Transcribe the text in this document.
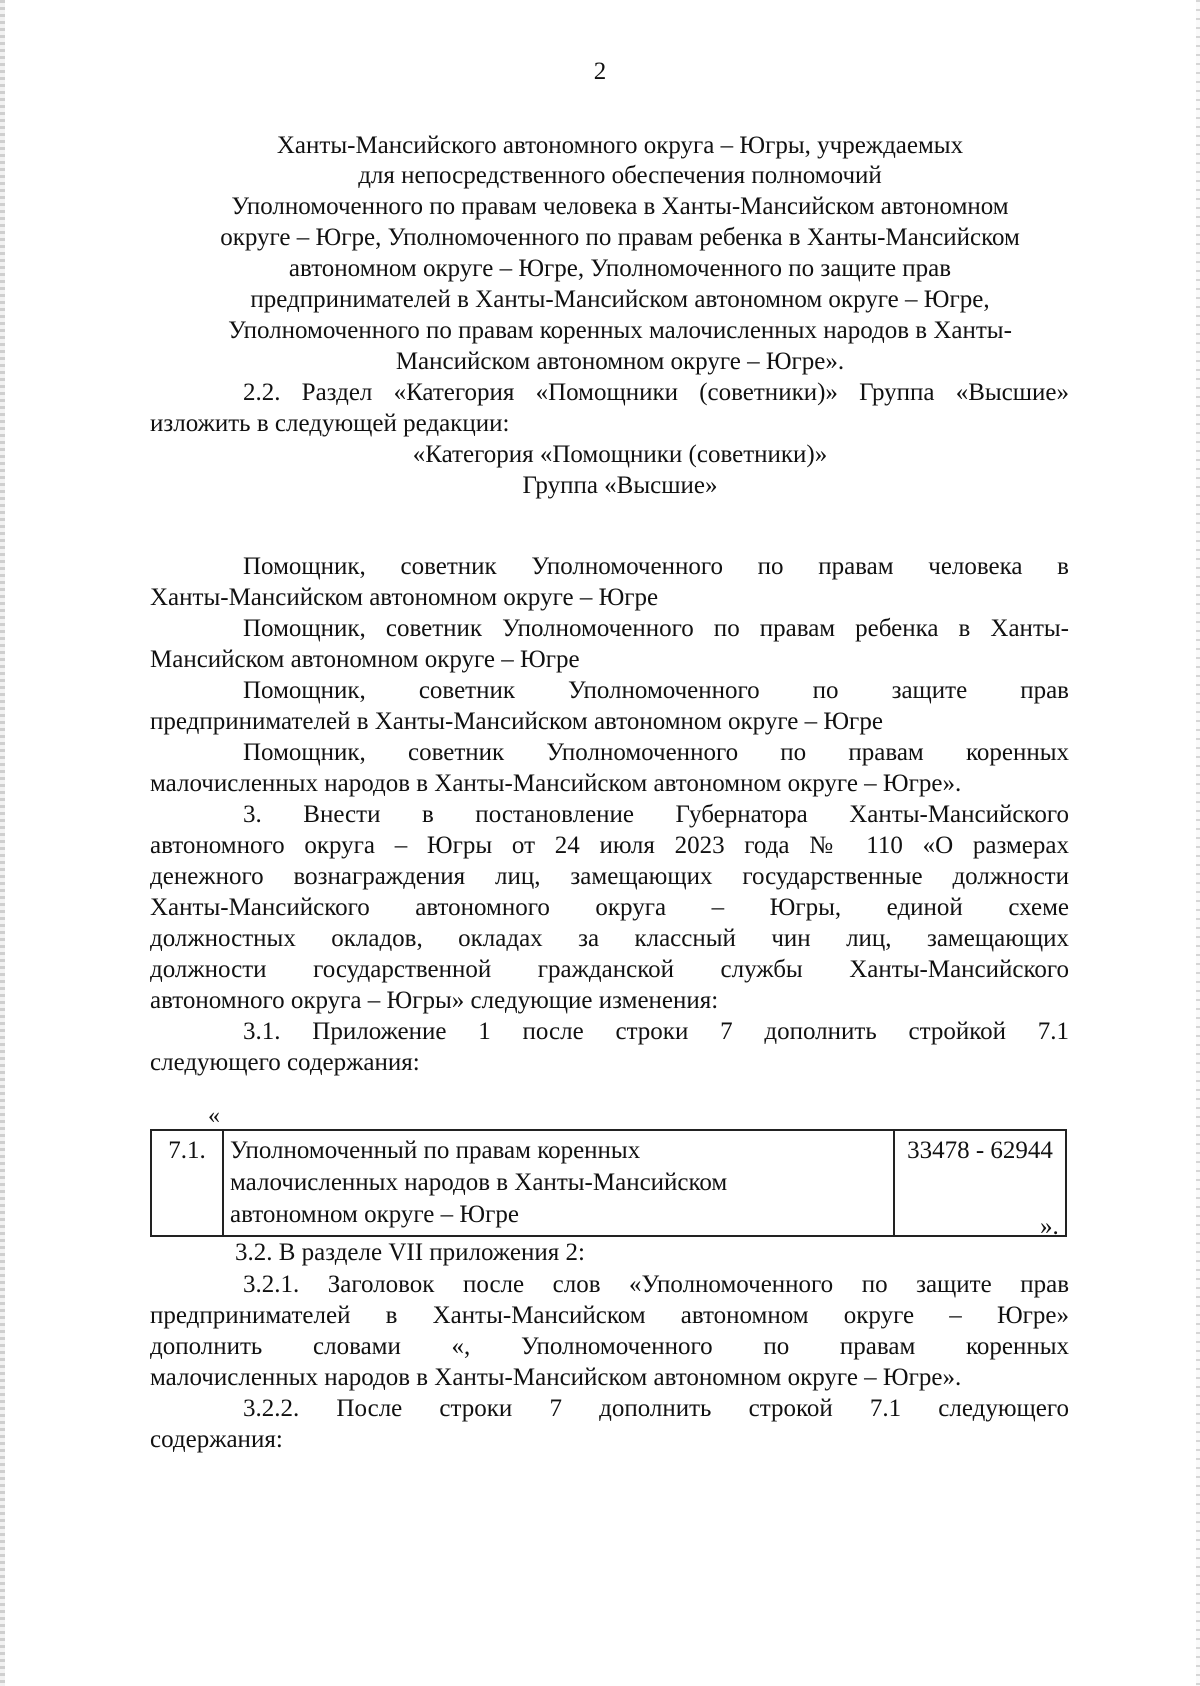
2
Ханты-Мансийского автономного округа – Югры, учреждаемых
для непосредственного обеспечения полномочий
Уполномоченного по правам человека в Ханты-Мансийском автономном
округе – Югре, Уполномоченного по правам ребенка в Ханты-Мансийском
автономном округе – Югре, Уполномоченного по защите прав
предпринимателей в Ханты-Мансийском автономном округе – Югре,
Уполномоченного по правам коренных малочисленных народов в Ханты-
Мансийском автономном округе – Югре».
2.2. Раздел «Категория «Помощники (советники)» Группа «Высшие»
изложить в следующей редакции:
«Категория «Помощники (советники)»
Группа «Высшие»
Помощник, советник Уполномоченного по правам человека в
Ханты-Мансийском автономном округе – Югре
Помощник, советник Уполномоченного по правам ребенка в Ханты-
Мансийском автономном округе – Югре
Помощник, советник Уполномоченного по защите прав
предпринимателей в Ханты-Мансийском автономном округе – Югре
Помощник, советник Уполномоченного по правам коренных
малочисленных народов в Ханты-Мансийском автономном округе – Югре».
3. Внести в постановление Губернатора Ханты-Мансийского
автономного округа – Югры от 24 июля 2023 года № 110 «О размерах
денежного вознаграждения лиц, замещающих государственные должности
Ханты-Мансийского автономного округа – Югры, единой схеме
должностных окладов, окладах за классный чин лиц, замещающих
должности государственной гражданской службы Ханты-Мансийского
автономного округа – Югры» следующие изменения:
3.1. Приложение 1 после строки 7 дополнить стройкой 7.1
следующего содержания:
«
7.1.	Уполномоченный по правам коренных
малочисленных народов в Ханты-Мансийском
автономном округе – Югре
	33478 - 62944
».
3.2. В разделе VII приложения 2:
3.2.1. Заголовок после слов «Уполномоченного по защите прав
предпринимателей в Ханты-Мансийском автономном округе – Югре»
дополнить словами «, Уполномоченного по правам коренных
малочисленных народов в Ханты-Мансийском автономном округе – Югре».
3.2.2. После строки 7 дополнить строкой 7.1 следующего
содержания:
